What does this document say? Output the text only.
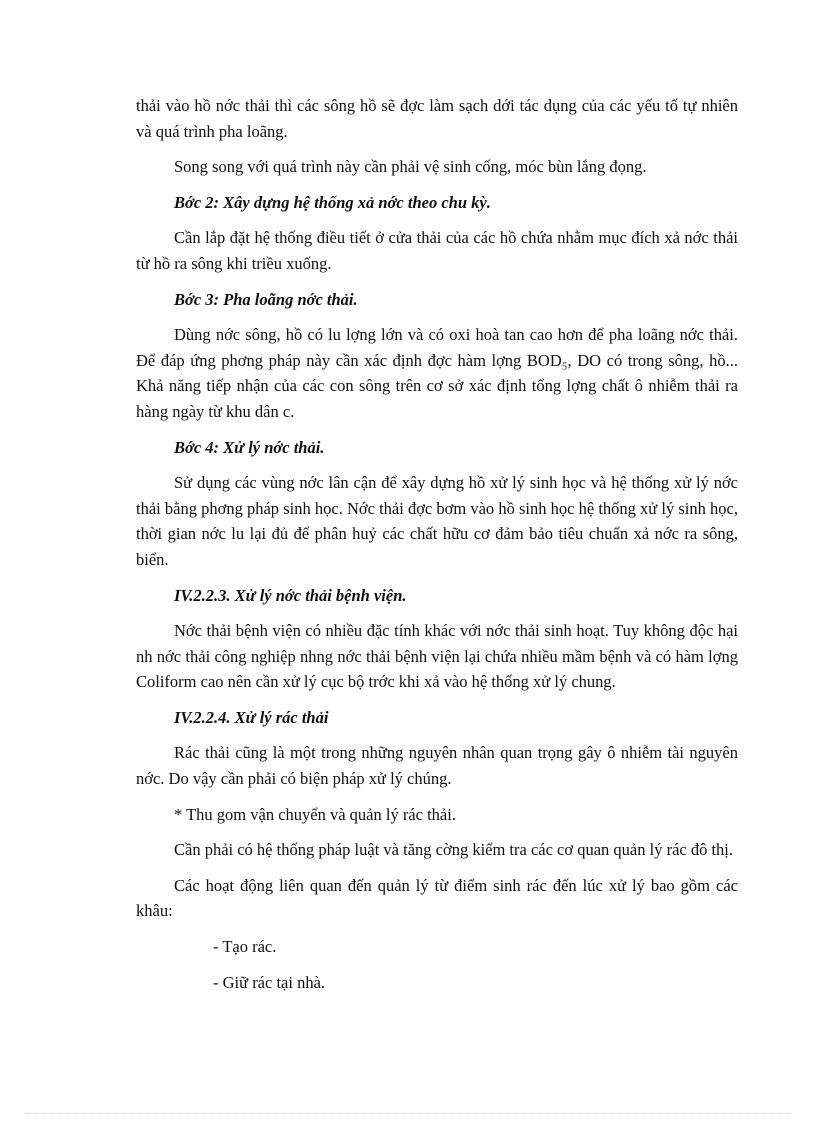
thải vào hồ nớc thải thì các sông hồ sẽ đợc làm sạch dới tác dụng của các yếu tố tự nhiên và quá trình pha loãng.

Song song với quá trình này cần phải vệ sinh cống, móc bùn lắng đọng.

Bớc 2: Xây dựng hệ thống xả nớc theo chu kỳ.

Cần lắp đặt hệ thống điều tiết ở cửa thải của các hồ chứa nhằm mục đích xả nớc thải từ hồ ra sông khi triều xuống.

Bớc 3: Pha loãng nớc thải.

Dùng nớc sông, hồ có lu lợng lớn và có oxi hoà tan cao hơn để pha loãng nớc thải. Để đáp ứng phơng pháp này cần xác định đợc hàm lợng BOD₅, DO có trong sông, hồ... Khả năng tiếp nhận của các con sông trên cơ sở xác định tổng lợng chất ô nhiễm thải ra hàng ngày từ khu dân c.

Bớc 4: Xử lý nớc thải.

Sử dụng các vùng nớc lân cận để xây dựng hồ xử lý sinh học và hệ thống xử lý nớc thải bằng phơng pháp sinh học. Nớc thải đợc bơm vào hồ sinh học hệ thống xử lý sinh học, thời gian nớc lu lại đủ để phân huỷ các chất hữu cơ đảm bảo tiêu chuẩn xả nớc ra sông, biển.

IV.2.2.3. Xử lý nớc thải bệnh viện.

Nớc thải bệnh viện có nhiều đặc tính khác với nớc thải sinh hoạt. Tuy không độc hại nh nớc thải công nghiệp nhng nớc thải bệnh viện lại chứa nhiều mầm bệnh và có hàm lợng Coliform cao nên cần xử lý cục bộ trớc khi xả vào hệ thống xử lý chung.

IV.2.2.4. Xử lý rác thải

Rác thải cũng là một trong những nguyên nhân quan trọng gây ô nhiễm tài nguyên nớc. Do vậy cần phải có biện pháp xử lý chúng.

* Thu gom vận chuyển và quản lý rác thải.

Cần phải có hệ thống pháp luật và tăng cờng kiểm tra các cơ quan quản lý rác đô thị.

Các hoạt động liên quan đến quản lý từ điểm sinh rác đến lúc xử lý bao gồm các khâu:

- Tạo rác.

- Giữ rác tại nhà.
